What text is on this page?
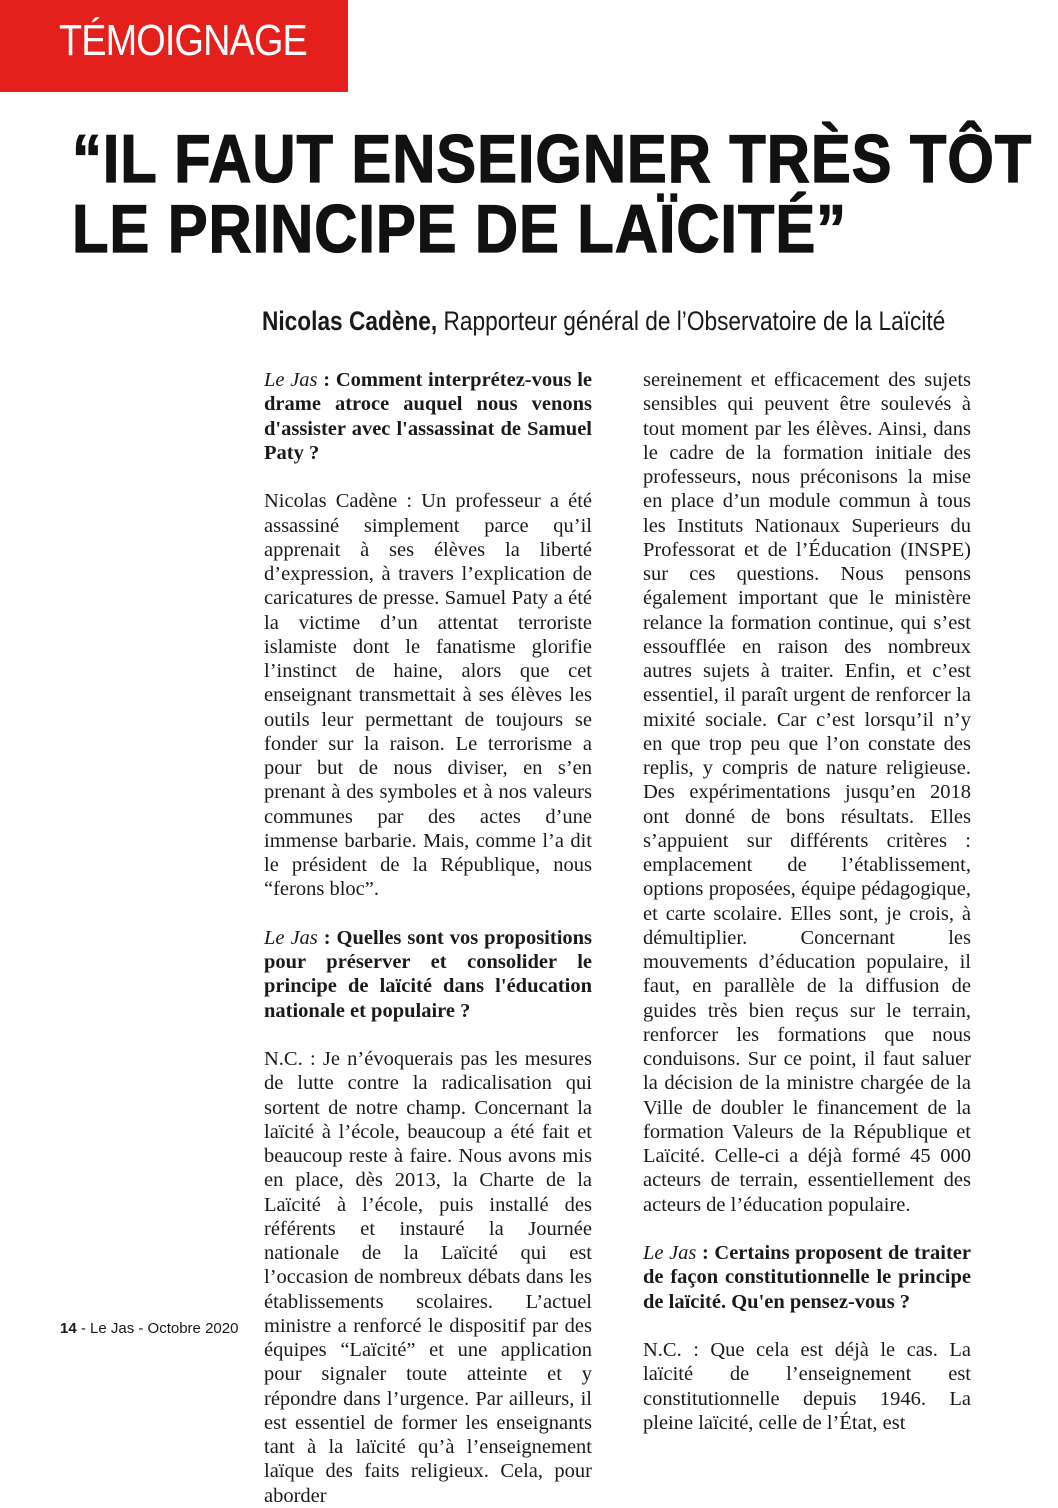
TÉMOIGNAGE
“IL FAUT ENSEIGNER TRÈS TÔT
LE PRINCIPE DE LAÏCITÉ”
Nicolas Cadène, Rapporteur général de l’Observatoire de la Laïcité

Le Jas : Comment interprétez-vous le drame atroce auquel nous venons d'assister avec l'assassinat de Samuel Paty ?

Nicolas Cadène : Un professeur a été assassiné simplement parce qu’il apprenait à ses élèves la liberté d’expression, à travers l’explication de caricatures de presse. Samuel Paty a été la victime d’un attentat terroriste islamiste dont le fanatisme glorifie l’instinct de haine, alors que cet enseignant transmettait à ses élèves les outils leur permettant de toujours se fonder sur la raison. Le terrorisme a pour but de nous diviser, en s’en prenant à des symboles et à nos valeurs communes par des actes d’une immense barbarie. Mais, comme l’a dit le président de la République, nous “ferons bloc”.

Le Jas : Quelles sont vos propositions pour préserver et consolider le principe de laïcité dans l'éducation nationale et populaire ?

N.C. : Je n’évoquerais pas les mesures de lutte contre la radicalisation qui sortent de notre champ. Concernant la laïcité à l’école, beaucoup a été fait et beaucoup reste à faire. Nous avons mis en place, dès 2013, la Charte de la Laïcité à l’école, puis installé des référents et instauré la Journée nationale de la Laïcité qui est l’occasion de nombreux débats dans les établissements scolaires. L’actuel ministre a renforcé le dispositif par des équipes “Laïcité” et une application pour signaler toute atteinte et y répondre dans l’urgence. Par ailleurs, il est essentiel de former les enseignants tant à la laïcité qu’à l’enseignement laïque des faits religieux. Cela, pour aborder

sereinement et efficacement des sujets sensibles qui peuvent être soulevés à tout moment par les élèves. Ainsi, dans le cadre de la formation initiale des professeurs, nous préconisons la mise en place d’un module commun à tous les Instituts Nationaux Superieurs du Professorat et de l’Éducation (INSPE) sur ces questions. Nous pensons également important que le ministère relance la formation continue, qui s’est essoufflée en raison des nombreux autres sujets à traiter. Enfin, et c’est essentiel, il paraît urgent de renforcer la mixité sociale. Car c’est lorsqu’il n’y en que trop peu que l’on constate des replis, y compris de nature religieuse. Des expérimentations jusqu’en 2018 ont donné de bons résultats. Elles s’appuient sur différents critères : emplacement de l’établissement, options proposées, équipe pédagogique, et carte scolaire. Elles sont, je crois, à démultiplier. Concernant les mouvements d’éducation populaire, il faut, en parallèle de la diffusion de guides très bien reçus sur le terrain, renforcer les formations que nous conduisons. Sur ce point, il faut saluer la décision de la ministre chargée de la Ville de doubler le financement de la formation Valeurs de la République et Laïcité. Celle-ci a déjà formé 45 000 acteurs de terrain, essentiellement des acteurs de l’éducation populaire.

Le Jas : Certains proposent de traiter de façon constitutionnelle le principe de laïcité. Qu'en pensez-vous ?

N.C. : Que cela est déjà le cas. La laïcité de l’enseignement est constitutionnelle depuis 1946. La pleine laïcité, celle de l’État, est

14 - Le Jas - Octobre 2020
